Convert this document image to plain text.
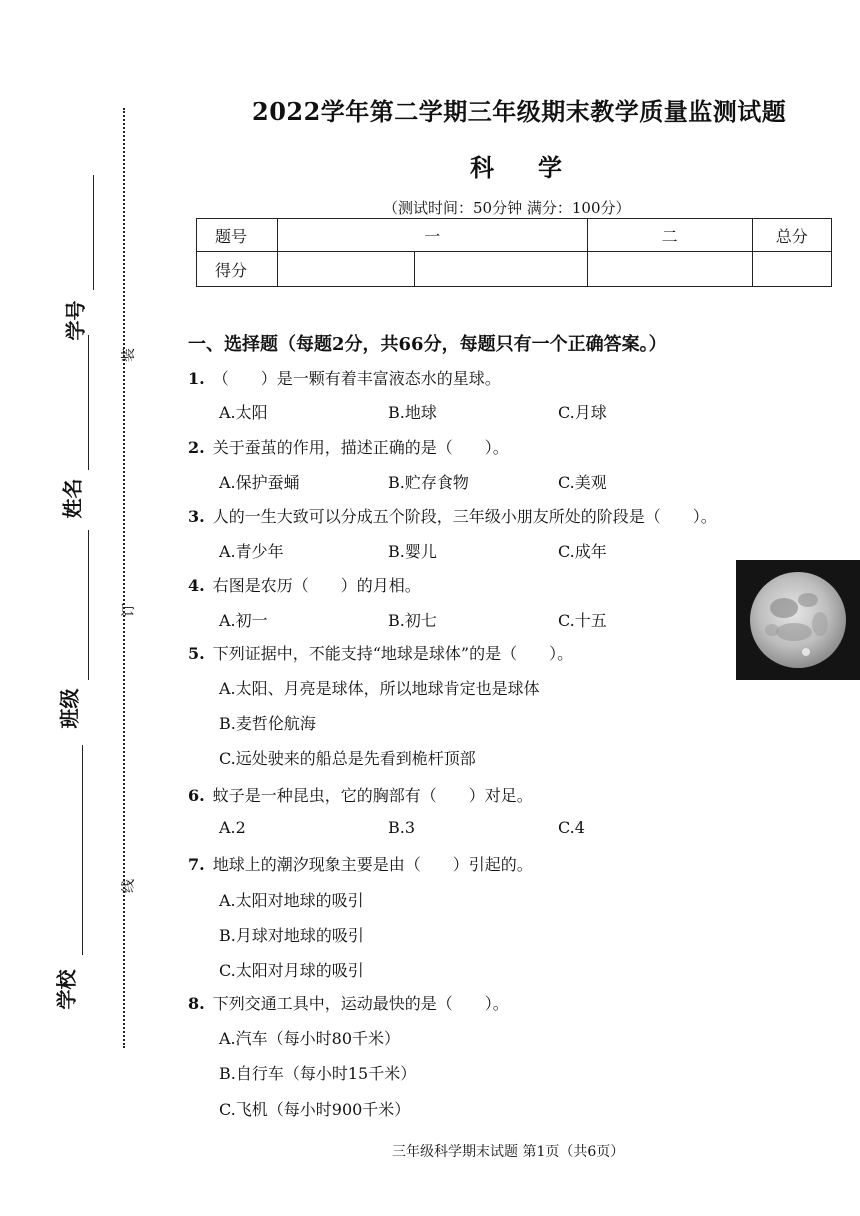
学号
姓名
班级
学校
装
订
线
2022学年第二学期三年级期末教学质量监测试题
科学
（测试时间：50分钟 满分：100分）
题号	一		二	总分
得分				
一、选择题（每题2分，共66分，每题只有一个正确答案。）
1. （　　）是一颗有着丰富液态水的星球。
A.太阳	B.地球	C.月球
2. 关于蚕茧的作用，描述正确的是（　　）。
A.保护蚕蛹	B.贮存食物	C.美观
3. 人的一生大致可以分成五个阶段，三年级小朋友所处的阶段是（　　）。
A.青少年	B.婴儿	C.成年
4. 右图是农历（　　）的月相。
A.初一	B.初七	C.十五
5. 下列证据中，不能支持“地球是球体”的是（　　）。
A.太阳、月亮是球体，所以地球肯定也是球体
B.麦哲伦航海
C.远处驶来的船总是先看到桅杆顶部
6. 蚊子是一种昆虫，它的胸部有（　　）对足。
A.2	B.3	C.4
7. 地球上的潮汐现象主要是由（　　）引起的。
A.太阳对地球的吸引
B.月球对地球的吸引
C.太阳对月球的吸引
8. 下列交通工具中，运动最快的是（　　）。
A.汽车（每小时80千米）
B.自行车（每小时15千米）
C.飞机（每小时900千米）
三年级科学期末试题 第1页（共6页）
